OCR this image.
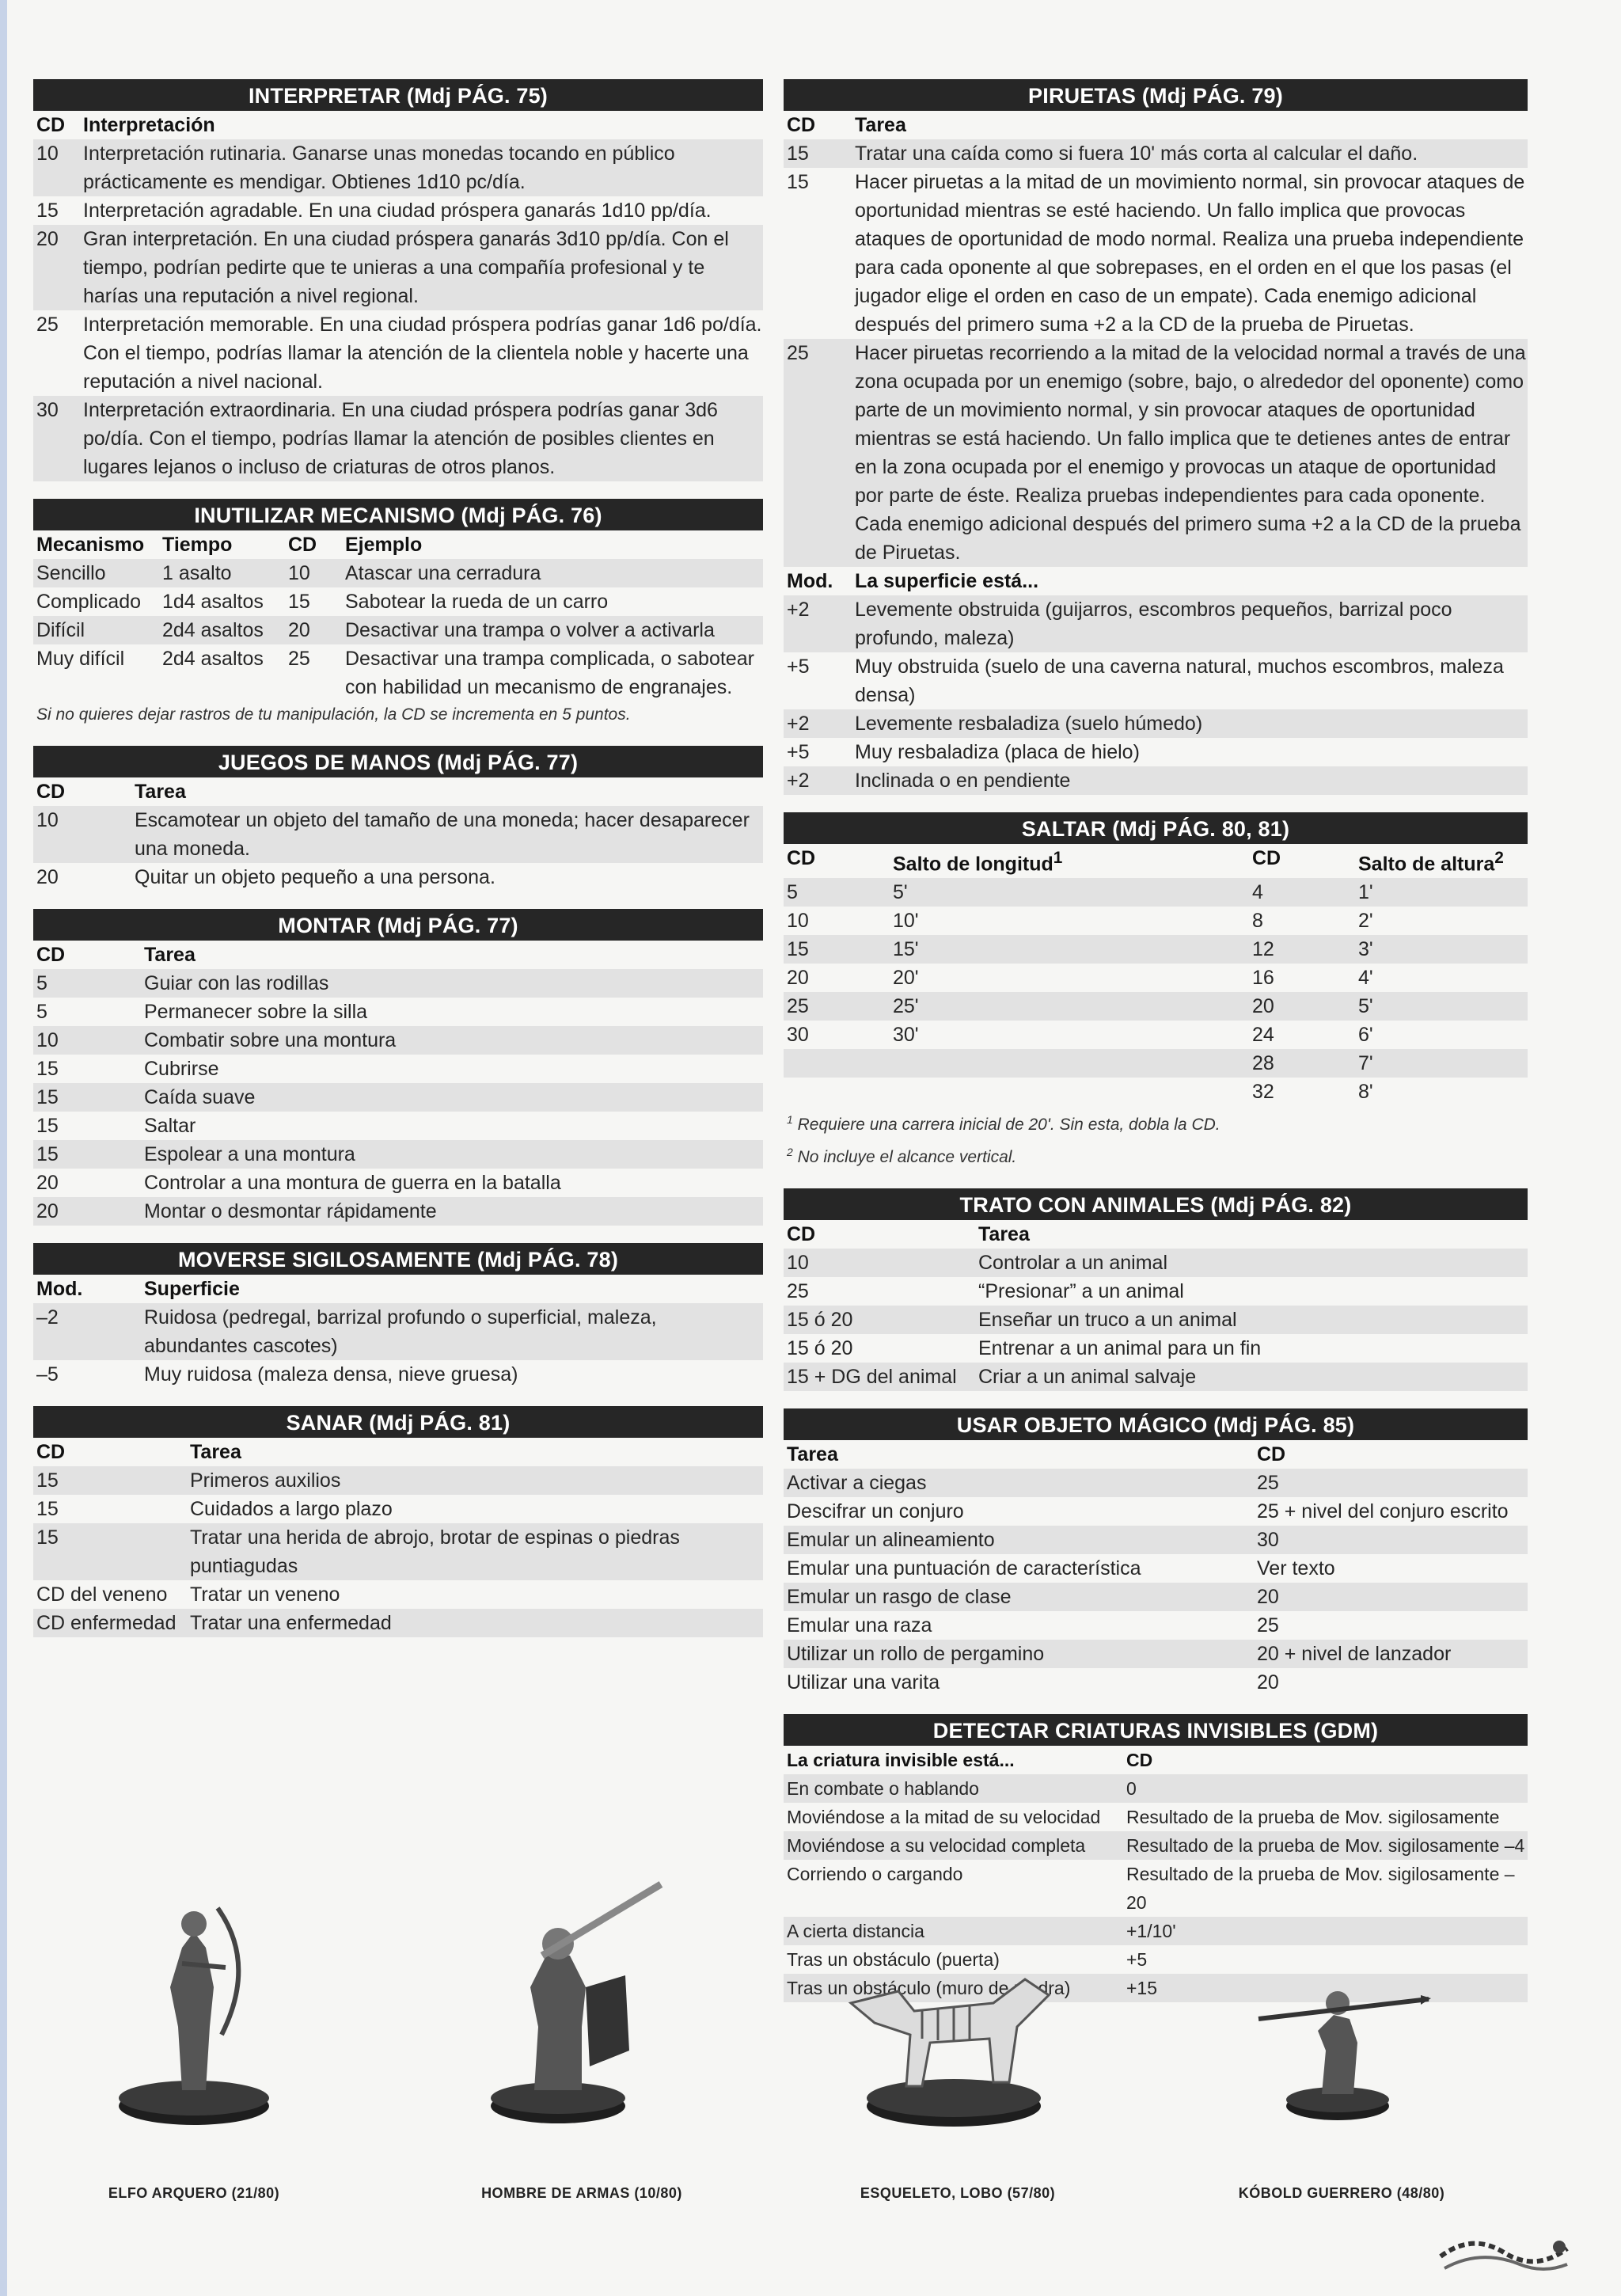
INTERPRETAR (Mdj PÁG. 75)
CD	Interpretación
10	Interpretación rutinaria. Ganarse unas monedas tocando en público prácticamente es mendigar. Obtienes 1d10 pc/día.
15	Interpretación agradable. En una ciudad próspera ganarás 1d10 pp/día.
20	Gran interpretación. En una ciudad próspera ganarás 3d10 pp/día. Con el tiempo, podrían pedirte que te unieras a una compañía profesional y te harías una reputación a nivel regional.
25	Interpretación memorable. En una ciudad próspera podrías ganar 1d6 po/día. Con el tiempo, podrías llamar la atención de la clientela noble y hacerte una reputación a nivel nacional.
30	Interpretación extraordinaria. En una ciudad próspera podrías ganar 3d6 po/día. Con el tiempo, podrías llamar la atención de posibles clientes en lugares lejanos o incluso de criaturas de otros planos.
INUTILIZAR MECANISMO (Mdj PÁG. 76)
Mecanismo	Tiempo	CD	Ejemplo
Sencillo	1 asalto	10	Atascar una cerradura
Complicado	1d4 asaltos	15	Sabotear la rueda de un carro
Difícil	2d4 asaltos	20	Desactivar una trampa o volver a activarla
Muy difícil	2d4 asaltos	25	Desactivar una trampa complicada, o sabotear con habilidad un mecanismo de engranajes.
Si no quieres dejar rastros de tu manipulación, la CD se incrementa en 5 puntos.
JUEGOS DE MANOS (Mdj PÁG. 77)
CD	Tarea
10	Escamotear un objeto del tamaño de una moneda; hacer desaparecer una moneda.
20	Quitar un objeto pequeño a una persona.
MONTAR (Mdj PÁG. 77)
CD	Tarea
5	Guiar con las rodillas
5	Permanecer sobre la silla
10	Combatir sobre una montura
15	Cubrirse
15	Caída suave
15	Saltar
15	Espolear a una montura
20	Controlar a una montura de guerra en la batalla
20	Montar o desmontar rápidamente
MOVERSE SIGILOSAMENTE (Mdj PÁG. 78)
Mod.	Superficie
–2	Ruidosa (pedregal, barrizal profundo o superficial, maleza, abundantes cascotes)
–5	Muy ruidosa (maleza densa, nieve gruesa)
SANAR (Mdj PÁG. 81)
CD	Tarea
15	Primeros auxilios
15	Cuidados a largo plazo
15	Tratar una herida de abrojo, brotar de espinas o piedras puntiagudas
CD del veneno	Tratar un veneno
CD enfermedad	Tratar una enfermedad
PIRUETAS (Mdj PÁG. 79)
CD	Tarea
15	Tratar una caída como si fuera 10' más corta al calcular el daño.
15	Hacer piruetas a la mitad de un movimiento normal, sin provocar ataques de oportunidad mientras se esté haciendo. Un fallo implica que provocas ataques de oportunidad de modo normal. Realiza una prueba independiente para cada oponente al que sobrepases, en el orden en el que los pasas (el jugador elige el orden en caso de un empate). Cada enemigo adicional después del primero suma +2 a la CD de la prueba de Piruetas.
25	Hacer piruetas recorriendo a la mitad de la velocidad normal a través de una zona ocupada por un enemigo (sobre, bajo, o alrededor del oponente) como parte de un movimiento normal, y sin provocar ataques de oportunidad mientras se está haciendo. Un fallo implica que te detienes antes de entrar en la zona ocupada por el enemigo y provocas un ataque de oportunidad por parte de éste. Realiza pruebas independientes para cada oponente. Cada enemigo adicional después del primero suma +2 a la CD de la prueba de Piruetas.
Mod.	La superficie está...
+2	Levemente obstruida (guijarros, escombros pequeños, barrizal poco profundo, maleza)
+5	Muy obstruida (suelo de una caverna natural, muchos escombros, maleza densa)
+2	Levemente resbaladiza (suelo húmedo)
+5	Muy resbaladiza (placa de hielo)
+2	Inclinada o en pendiente
SALTAR (Mdj PÁG. 80, 81)
CD	Salto de longitud$^1$	CD	Salto de altura$^2$
5	5'	4	1'
10	10'	8	2'
15	15'	12	3'
20	20'	16	4'
25	25'	20	5'
30	30'	24	6'
		28	7'
		32	8'
$^1$ Requiere una carrera inicial de 20'. Sin esta, dobla la CD.
$^2$ No incluye el alcance vertical.
TRATO CON ANIMALES (Mdj PÁG. 82)
CD	Tarea
10	Controlar a un animal
25	“Presionar” a un animal
15 ó 20	Enseñar un truco a un animal
15 ó 20	Entrenar a un animal para un fin
15 + DG del animal	Criar a un animal salvaje
USAR OBJETO MÁGICO (Mdj PÁG. 85)
Tarea	CD
Activar a ciegas	25
Descifrar un conjuro	25 + nivel del conjuro escrito
Emular un alineamiento	30
Emular una puntuación de característica	Ver texto
Emular un rasgo de clase	20
Emular una raza	25
Utilizar un rollo de pergamino	20 + nivel de lanzador
Utilizar una varita	20
DETECTAR CRIATURAS INVISIBLES (GDM)
La criatura invisible está...	CD
En combate o hablando	0
Moviéndose a la mitad de su velocidad	Resultado de la prueba de Mov. sigilosamente
Moviéndose a su velocidad completa	Resultado de la prueba de Mov. sigilosamente –4
Corriendo o cargando	Resultado de la prueba de Mov. sigilosamente –20
A cierta distancia	+1/10'
Tras un obstáculo (puerta)	+5
Tras un obstáculo (muro de piedra)	+15
ELFO ARQUERO (21/80)	HOMBRE DE ARMAS (10/80)	ESQUELETO, LOBO (57/80)	KÓBOLD GUERRERO (48/80)
